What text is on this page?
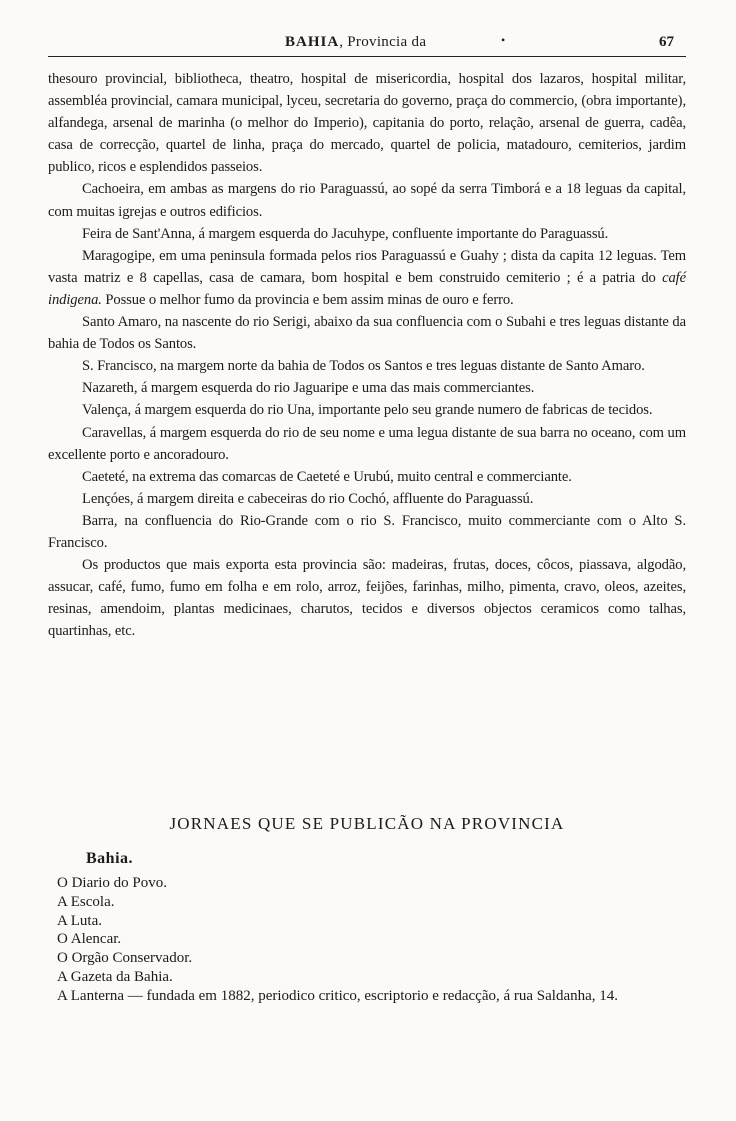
BAHIA, Provincia da	•	67

thesouro provincial, bibliotheca, theatro, hospital de misericordia, hospital dos lazaros, hospital militar, assembléa provincial, camara municipal, lyceu, secretaria do governo, praça do commercio, (obra importante), alfandega, arsenal de marinha (o melhor do Imperio), capitania do porto, relação, arsenal de guerra, cadêa, casa de correcção, quartel de linha, praça do mercado, quartel de policia, matadouro, cemiterios, jardim publico, ricos e esplendidos passeios.

Cachoeira, em ambas as margens do rio Paraguassú, ao sopé da serra Timborá e a 18 leguas da capital, com muitas igrejas e outros edificios.

Feira de Sant'Anna, á margem esquerda do Jacuhype, confluente importante do Paraguassú.

Maragogipe, em uma peninsula formada pelos rios Paraguassú e Guahy ; dista da capita 12 leguas. Tem vasta matriz e 8 capellas, casa de camara, bom hospital e bem construido cemiterio ; é a patria do café indigena. Possue o melhor fumo da provincia e bem assim minas de ouro e ferro.

Santo Amaro, na nascente do rio Serigi, abaixo da sua confluencia com o Subahi e tres leguas distante da bahia de Todos os Santos.

S. Francisco, na margem norte da bahia de Todos os Santos e tres leguas distante de Santo Amaro.

Nazareth, á margem esquerda do rio Jaguaripe e uma das mais commerciantes.

Valença, á margem esquerda do rio Una, importante pelo seu grande numero de fabricas de tecidos.

Caravellas, á margem esquerda do rio de seu nome e uma legua distante de sua barra no oceano, com um excellente porto e ancoradouro.

Caeteté, na extrema das comarcas de Caeteté e Urubú, muito central e commerciante.

Lençóes, á margem direita e cabeceiras do rio Cochó, affluente do Paraguassú.

Barra, na confluencia do Rio-Grande com o rio S. Francisco, muito commerciante com o Alto S. Francisco.

Os productos que mais exporta esta provincia são: madeiras, frutas, doces, côcos, piassava, algodão, assucar, café, fumo, fumo em folha e em rolo, arroz, feijões, farinhas, milho, pimenta, cravo, oleos, azeites, resinas, amendoim, plantas medicinaes, charutos, tecidos e diversos objectos ceramicos como talhas, quartinhas, etc.

JORNAES QUE SE PUBLICÃO NA PROVINCIA
Bahia.
O Diario do Povo.
A Escola.
A Luta.
O Alencar.
O Orgão Conservador.
A Gazeta da Bahia.
A Lanterna — fundada em 1882, periodico critico, escriptorio e redacção, á rua Saldanha, 14.
